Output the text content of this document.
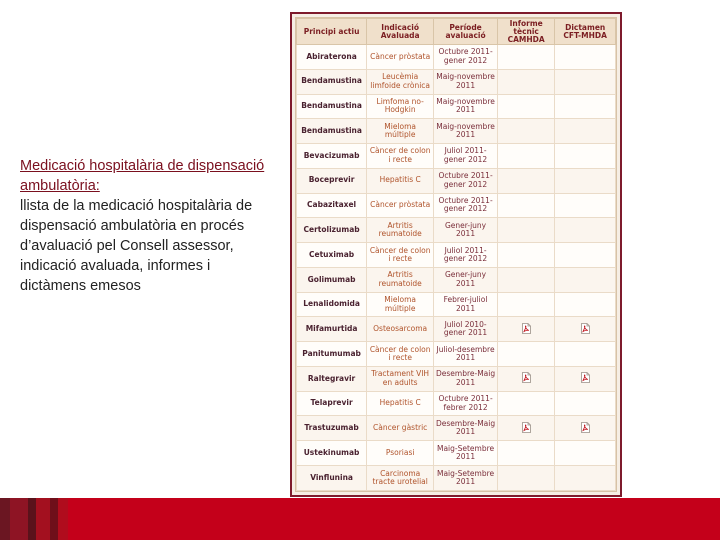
Medicació hospitalària de dispensació ambulatòria:
llista de la medicació hospitalària de dispensació ambulatòria en procés d’avaluació pel Consell assessor, indicació avaluada, informes i dictàmens emesos
Principi actiu	Indicació Avaluada	Període avaluació	Informe tècnic CAMHDA	Dictamen CFT-MHDA
Abiraterona	Càncer pròstata	Octubre 2011-gener 2012		
Bendamustina	Leucèmia limfoide crònica	Maig-novembre 2011		
Bendamustina	Limfoma no-Hodgkin	Maig-novembre 2011		
Bendamustina	Mieloma múltiple	Maig-novembre 2011		
Bevacizumab	Càncer de colon i recte	Juliol 2011-gener 2012		
Boceprevir	Hepatitis C	Octubre 2011-gener 2012		
Cabazitaxel	Càncer pròstata	Octubre 2011-gener 2012		
Certolizumab	Artritis reumatoide	Gener-juny 2011		
Cetuximab	Càncer de colon i recte	Juliol 2011-gener 2012		
Golimumab	Artritis reumatoide	Gener-juny 2011		
Lenalidomida	Mieloma múltiple	Febrer-juliol 2011		
Mifamurtida	Osteosarcoma	Juliol 2010-gener 2011	

Panitumumab	Càncer de colon i recte	Juliol-desembre 2011		
Raltegravir	Tractament VIH en adults	Desembre-Maig 2011	

Telaprevir	Hepatitis C	Octubre 2011-febrer 2012		
Trastuzumab	Càncer gàstric	Desembre-Maig 2011	

Ustekinumab	Psoriasi	Maig-Setembre 2011		
Vinflunina	Carcinoma tracte urotelial	Maig-Setembre 2011		
